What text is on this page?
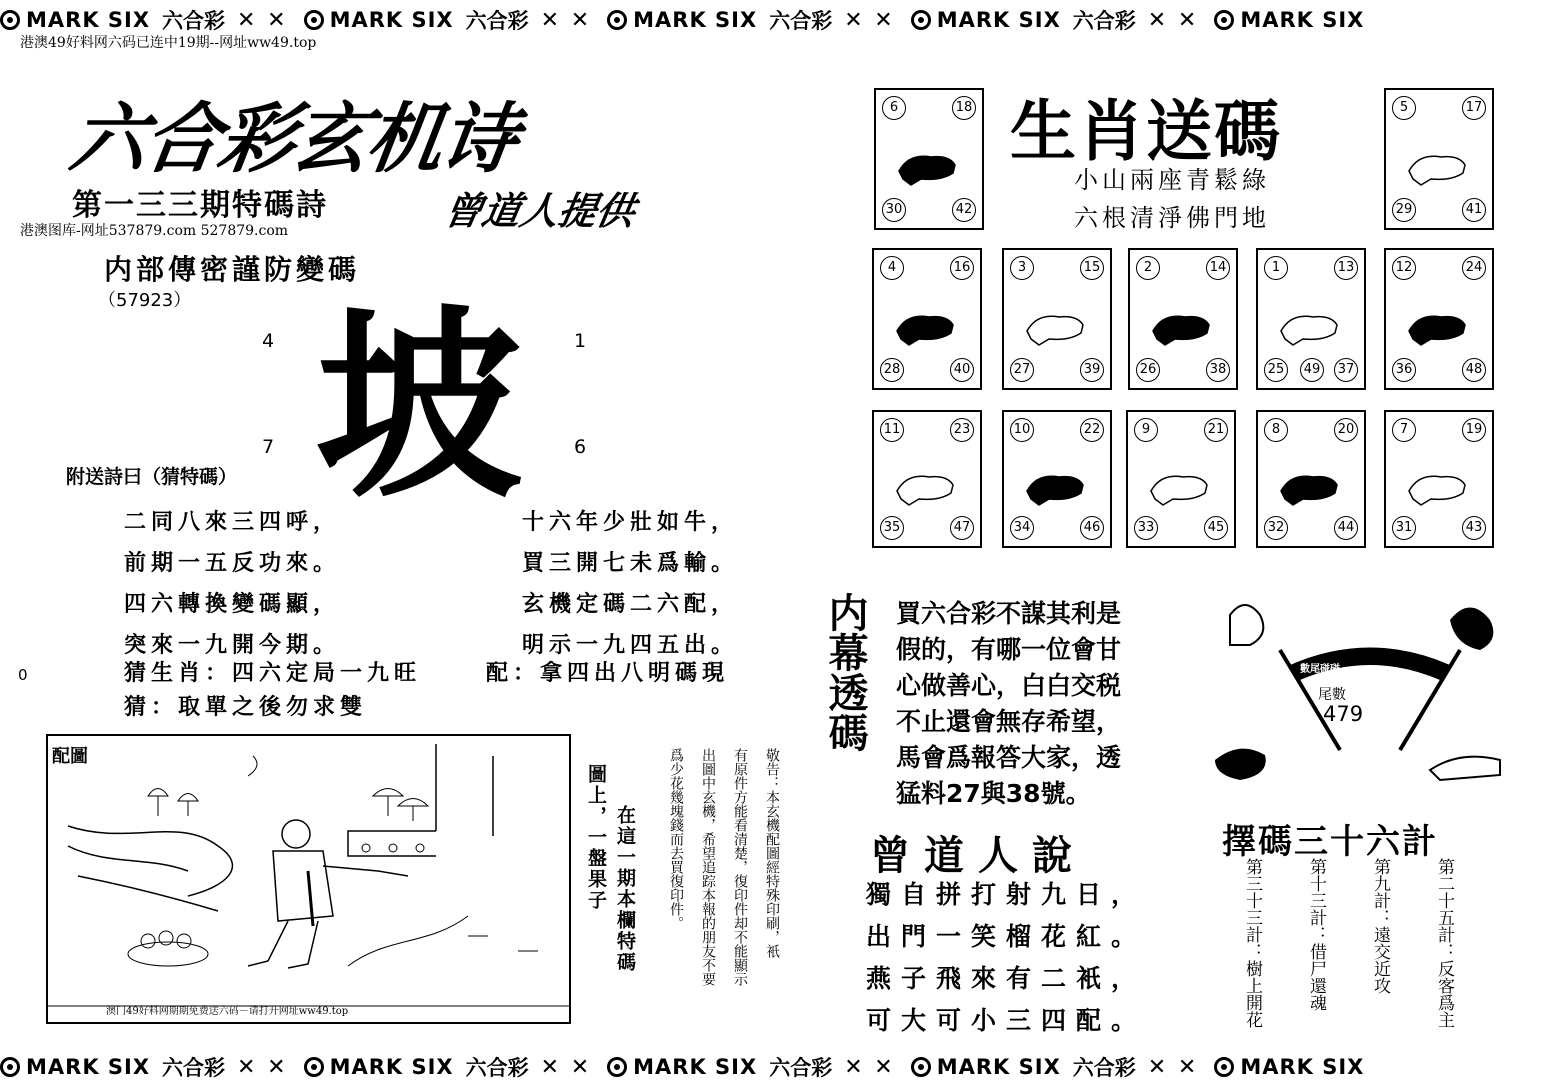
MARK SIX 六合彩 ✕ ✕ MARK SIX 六合彩 ✕ ✕ MARK SIX 六合彩 ✕ ✕ MARK SIX 六合彩 ✕ ✕ MARK SIX
港澳49好料网六码已连中19期--网址ww49.top
六合彩玄机诗
第一三三期特碼詩	曾道人提供
港澳图库-网址537879.com 527879.com
内部傳密謹防變碼
（57923）
4	1
坡
7	6
0
附送詩曰（猜特碼）
二同八來三四呼，
前期一五反功來。
四六轉換變碼顯，
突來一九開今期。
十六年少壯如牛，
買三開七未爲輸。
玄機定碼二六配，
明示一九四五出。
猜生肖：四六定局一九旺	配：拿四出八明碼現
猜：取單之後勿求雙
配圖
澳门49好料网期期免费送六码－请打开网址ww49.top
圖上，一盤果子 在這一期本欄特碼	敬告：本玄機配圖經特殊印刷，衹
有原件方能看清楚，復印件却不能顯示
出圖中玄機，希望追踪本報的朋友不要
爲少花幾塊錢而去買復印件。
生肖送碼
小山兩座青鬆綠
六根清淨佛門地
6	18
30	42
5	17
29	41
4	16
28	40
3	15
27	39
2	14
26	38
1	13
37
25 49
12	24
36	48
11	23
35	47
10	22
34	46
9	21
33	45
8	20
32	44
7	19
31	43
内幕透碼 買六合彩不謀其利是
假的，有哪一位會甘
心做善心，白白交税
不止還會無存希望，
馬會爲報答大家，透
猛料27與38號。
數尾碰碰
尾數
479
曾道人說
獨自拼打射九日，
出門一笑榴花紅。
燕子飛來有二衹，
可大可小三四配。
擇碼三十六計
第二十五計：反客爲主
第九計：遠交近攻
第十三計：借尸還魂
第三十三計：樹上開花
MARK SIX 六合彩 ✕ ✕ MARK SIX 六合彩 ✕ ✕ MARK SIX 六合彩 ✕ ✕ MARK SIX 六合彩 ✕ ✕ MARK SIX
